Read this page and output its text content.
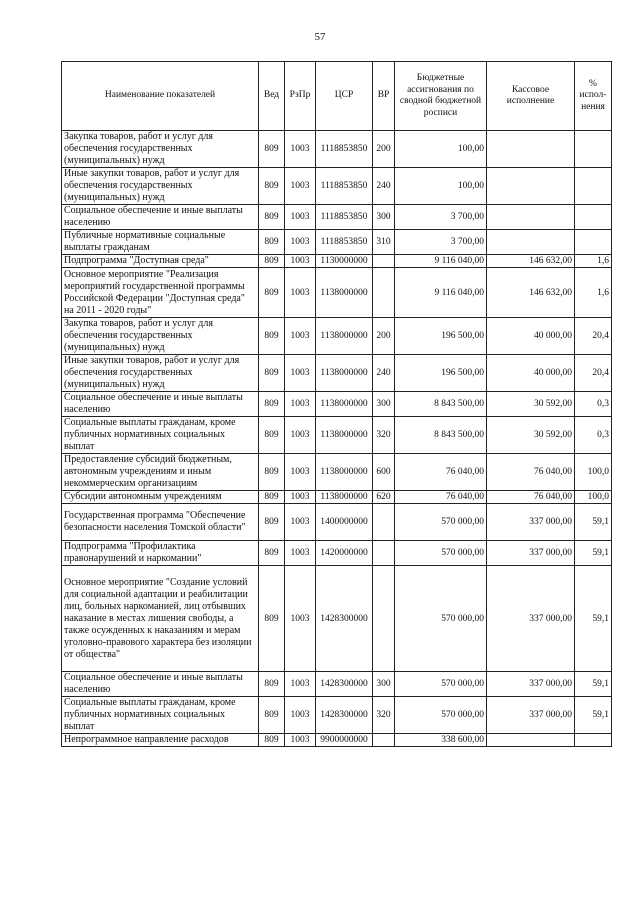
57
Наименование показателей	Вед	РзПр	ЦСР	ВР	Бюджетные ассигнования по сводной бюджетной росписи	Кассовое исполнение	% испол-нения
Закупка товаров, работ и услуг для обеспечения государственных (муниципальных) нужд	809	1003	1118853850	200	100,00		
Иные закупки товаров, работ и услуг для обеспечения государственных (муниципальных) нужд	809	1003	1118853850	240	100,00		
Социальное обеспечение и иные выплаты населению	809	1003	1118853850	300	3 700,00		
Публичные нормативные социальные выплаты гражданам	809	1003	1118853850	310	3 700,00		
Подпрограмма "Доступная среда"	809	1003	1130000000		9 116 040,00	146 632,00	1,6
Основное мероприятие "Реализация мероприятий государственной программы Российской Федерации "Доступная среда" на 2011 - 2020 годы"	809	1003	1138000000		9 116 040,00	146 632,00	1,6
Закупка товаров, работ и услуг для обеспечения государственных (муниципальных) нужд	809	1003	1138000000	200	196 500,00	40 000,00	20,4
Иные закупки товаров, работ и услуг для обеспечения государственных (муниципальных) нужд	809	1003	1138000000	240	196 500,00	40 000,00	20,4
Социальное обеспечение и иные выплаты населению	809	1003	1138000000	300	8 843 500,00	30 592,00	0,3
Социальные выплаты гражданам, кроме публичных нормативных социальных выплат	809	1003	1138000000	320	8 843 500,00	30 592,00	0,3
Предоставление субсидий бюджетным, автономным учреждениям и иным некоммерческим организациям	809	1003	1138000000	600	76 040,00	76 040,00	100,0
Субсидии автономным учреждениям	809	1003	1138000000	620	76 040,00	76 040,00	100,0
Государственная программа "Обеспечение безопасности населения Томской области"	809	1003	1400000000		570 000,00	337 000,00	59,1
Подпрограмма "Профилактика правонарушений и наркомании"	809	1003	1420000000		570 000,00	337 000,00	59,1
Основное мероприятие "Создание условий для социальной адаптации и реабилитации лиц, больных наркоманией, лиц отбывших наказание в местах лишения свободы, а также осужденных к наказаниям и мерам уголовно-правового характера без изоляции от общества"	809	1003	1428300000		570 000,00	337 000,00	59,1
Социальное обеспечение и иные выплаты населению	809	1003	1428300000	300	570 000,00	337 000,00	59,1
Социальные выплаты гражданам, кроме публичных нормативных социальных выплат	809	1003	1428300000	320	570 000,00	337 000,00	59,1
Непрограммное направление расходов	809	1003	9900000000		338 600,00		
